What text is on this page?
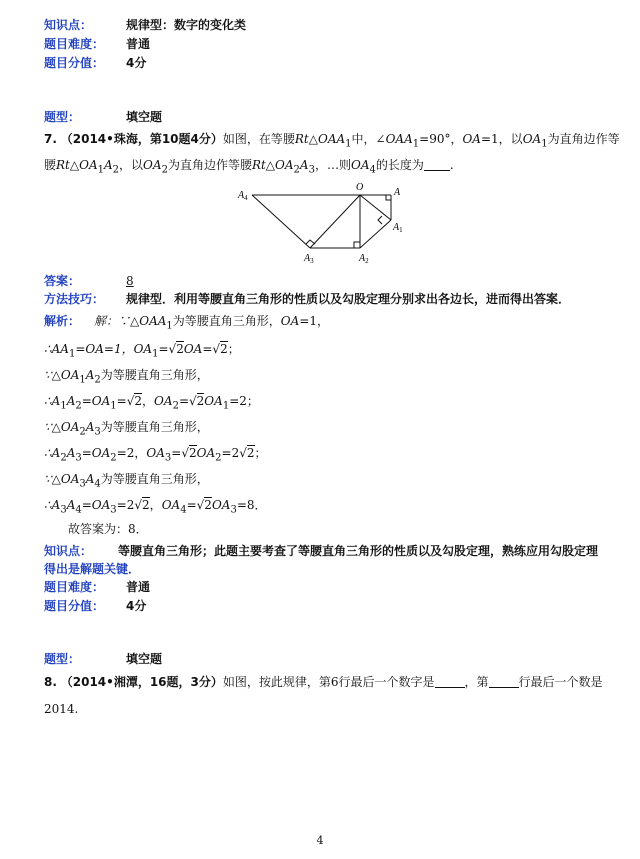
知识点：	规律型：数字的变化类
题目难度： 普通
题目分值： 4分
题型：	填空题
7. （2014•珠海，第10题4分）如图，在等腰$Rt\triangle OAA_1$中，$\angle OAA_1=90^\circ$，OA=1，以$OA_1$为直角边作等
腰$Rt\triangle OA_1A_2$，以$OA_2$为直角边作等腰$Rt\triangle OA_2A_3$，…则$OA_4$的长度为 .
O	A
$A_1$
$A_2$
$A_3$
$A_4$
答案：	8
方法技巧： 规律型．利用等腰直角三角形的性质以及勾股定理分别求出各边长，进而得出答案．
解析： 解：$\because\triangle OAA_1$为等腰直角三角形，OA=1，
$\therefore AA_1=OA=1$，$OA_1=√2OA=√2$；
$\because\triangle OA_1A_2$为等腰直角三角形，
$\therefore A_1A_2=OA_1=√2$，$OA_2=√2OA_1=2$；
$\because\triangle OA_2A_3$为等腰直角三角形，
$\therefore A_2A_3=OA_2=2$，$OA_3=√2OA_2=2√2$；
$\because\triangle OA_3A_4$为等腰直角三角形，
$\therefore A_3A_4=OA_3=2√2$，$OA_4=√2OA_3=8$．
故答案为：8．
知识点： 等腰直角三角形；此题主要考查了等腰直角三角形的性质以及勾股定理，熟练应用勾股定理
得出是解题关键．
题目难度： 普通
题目分值： 4分
题型：	填空题
8. （2014•湘潭，16题，3分）如图，按此规律，第6行最后一个数字是	，第	行最后一个数是
2014.
4
